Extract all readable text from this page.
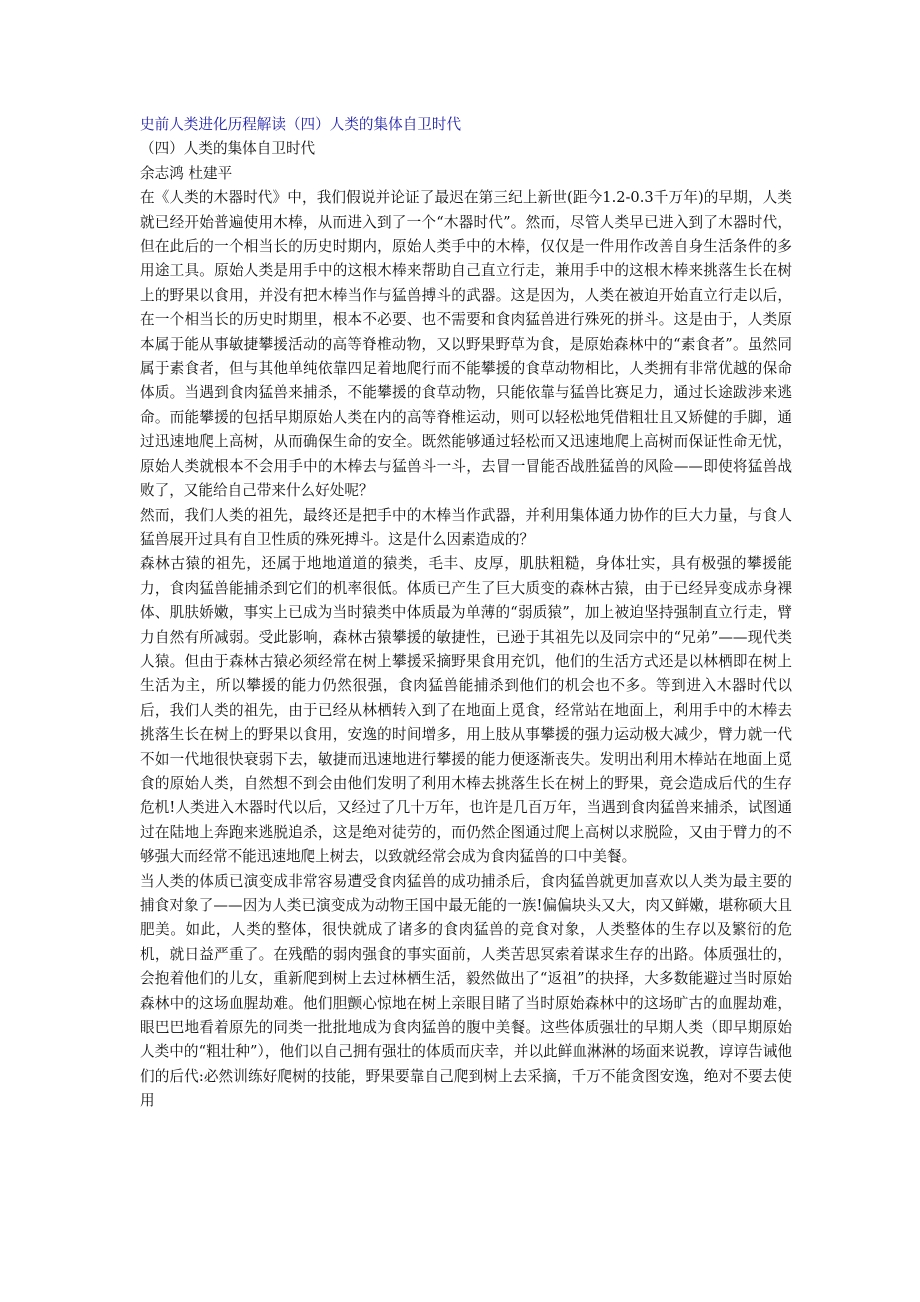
史前人类进化历程解读（四）人类的集体自卫时代

（四）人类的集体自卫时代

余志鸿 杜建平

在《人类的木器时代》中，我们假说并论证了最迟在第三纪上新世(距今1.2-0.3千万年)的早期，人类就已经开始普遍使用木棒，从而进入到了一个“木器时代”。然而，尽管人类早已进入到了木器时代，但在此后的一个相当长的历史时期内，原始人类手中的木棒，仅仅是一件用作改善自身生活条件的多用途工具。原始人类是用手中的这根木棒来帮助自己直立行走，兼用手中的这根木棒来挑落生长在树上的野果以食用，并没有把木棒当作与猛兽搏斗的武器。这是因为，人类在被迫开始直立行走以后，在一个相当长的历史时期里，根本不必要、也不需要和食肉猛兽进行殊死的拼斗。这是由于，人类原本属于能从事敏捷攀援活动的高等脊椎动物，又以野果野草为食，是原始森林中的“素食者”。虽然同属于素食者，但与其他单纯依靠四足着地爬行而不能攀援的食草动物相比，人类拥有非常优越的保命体质。当遇到食肉猛兽来捕杀，不能攀援的食草动物，只能依靠与猛兽比赛足力，通过长途跋涉来逃命。而能攀援的包括早期原始人类在内的高等脊椎运动，则可以轻松地凭借粗壮且又矫健的手脚，通过迅速地爬上高树，从而确保生命的安全。既然能够通过轻松而又迅速地爬上高树而保证性命无忧，原始人类就根本不会用手中的木棒去与猛兽斗一斗，去冒一冒能否战胜猛兽的风险——即使将猛兽战败了，又能给自己带来什么好处呢？

然而，我们人类的祖先，最终还是把手中的木棒当作武器，并利用集体通力协作的巨大力量，与食人猛兽展开过具有自卫性质的殊死搏斗。这是什么因素造成的？

森林古猿的祖先，还属于地地道道的猿类，毛丰、皮厚，肌肤粗糙，身体壮实，具有极强的攀援能力，食肉猛兽能捕杀到它们的机率很低。体质已产生了巨大质变的森林古猿，由于已经异变成赤身裸体、肌肤娇嫩，事实上已成为当时猿类中体质最为单薄的“弱质猿”，加上被迫坚持强制直立行走，臂力自然有所减弱。受此影响，森林古猿攀援的敏捷性，已逊于其祖先以及同宗中的“兄弟”——现代类人猿。但由于森林古猿必须经常在树上攀援采摘野果食用充饥，他们的生活方式还是以林栖即在树上生活为主，所以攀援的能力仍然很强，食肉猛兽能捕杀到他们的机会也不多。等到进入木器时代以后，我们人类的祖先，由于已经从林栖转入到了在地面上觅食，经常站在地面上，利用手中的木棒去挑落生长在树上的野果以食用，安逸的时间增多，用上肢从事攀援的强力运动极大减少，臂力就一代不如一代地很快衰弱下去，敏捷而迅速地进行攀援的能力便逐渐丧失。发明出利用木棒站在地面上觅食的原始人类，自然想不到会由他们发明了利用木棒去挑落生长在树上的野果，竟会造成后代的生存危机!人类进入木器时代以后，又经过了几十万年，也许是几百万年，当遇到食肉猛兽来捕杀，试图通过在陆地上奔跑来逃脱追杀，这是绝对徒劳的，而仍然企图通过爬上高树以求脱险，又由于臂力的不够强大而经常不能迅速地爬上树去，以致就经常会成为食肉猛兽的口中美餐。

当人类的体质已演变成非常容易遭受食肉猛兽的成功捕杀后，食肉猛兽就更加喜欢以人类为最主要的捕食对象了——因为人类已演变成为动物王国中最无能的一族!偏偏块头又大，肉又鲜嫩，堪称硕大且肥美。如此，人类的整体，很快就成了诸多的食肉猛兽的竞食对象，人类整体的生存以及繁衍的危机，就日益严重了。在残酷的弱肉强食的事实面前，人类苦思冥索着谋求生存的出路。体质强壮的，会抱着他们的儿女，重新爬到树上去过林栖生活，毅然做出了“返祖”的抉择，大多数能避过当时原始森林中的这场血腥劫难。他们胆颤心惊地在树上亲眼目睹了当时原始森林中的这场旷古的血腥劫难，眼巴巴地看着原先的同类一批批地成为食肉猛兽的腹中美餐。这些体质强壮的早期人类（即早期原始人类中的“粗壮种”），他们以自己拥有强壮的体质而庆幸，并以此鲜血淋淋的场面来说教，谆谆告诫他们的后代:必然训练好爬树的技能，野果要靠自己爬到树上去采摘，千万不能贪图安逸，绝对不要去使用
